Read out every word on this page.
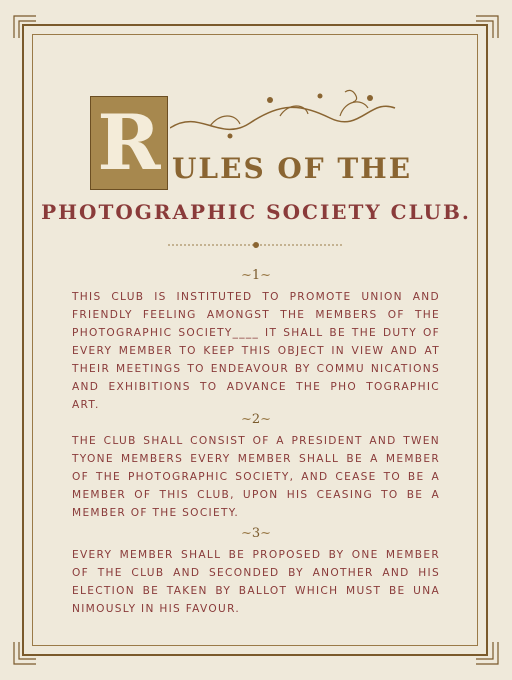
R ULES OF THE
PHOTOGRAPHIC SOCIETY CLUB.
~1~
THIS CLUB IS INSTITUTED TO PROMOTE UNION AND FRIENDLY FEELING AMONGST THE MEMBERS OF THE PHOTOGRAPHIC SOCIETY____ IT SHALL BE THE DUTY OF EVERY MEMBER TO KEEP THIS OBJECT IN VIEW AND AT THEIR MEETINGS TO ENDEAVOUR BY COMMU NICATIONS AND EXHIBITIONS TO ADVANCE THE PHO TOGRAPHIC ART.
~2~
THE CLUB SHALL CONSIST OF A PRESIDENT AND TWEN TYONE MEMBERS EVERY MEMBER SHALL BE A MEMBER OF THE PHOTOGRAPHIC SOCIETY, AND CEASE TO BE A MEMBER OF THIS CLUB, UPON HIS CEASING TO BE A MEMBER OF THE SOCIETY.
~3~
EVERY MEMBER SHALL BE PROPOSED BY ONE MEMBER OF THE CLUB AND SECONDED BY ANOTHER AND HIS ELECTION BE TAKEN BY BALLOT WHICH MUST BE UNA NIMOUSLY IN HIS FAVOUR.
